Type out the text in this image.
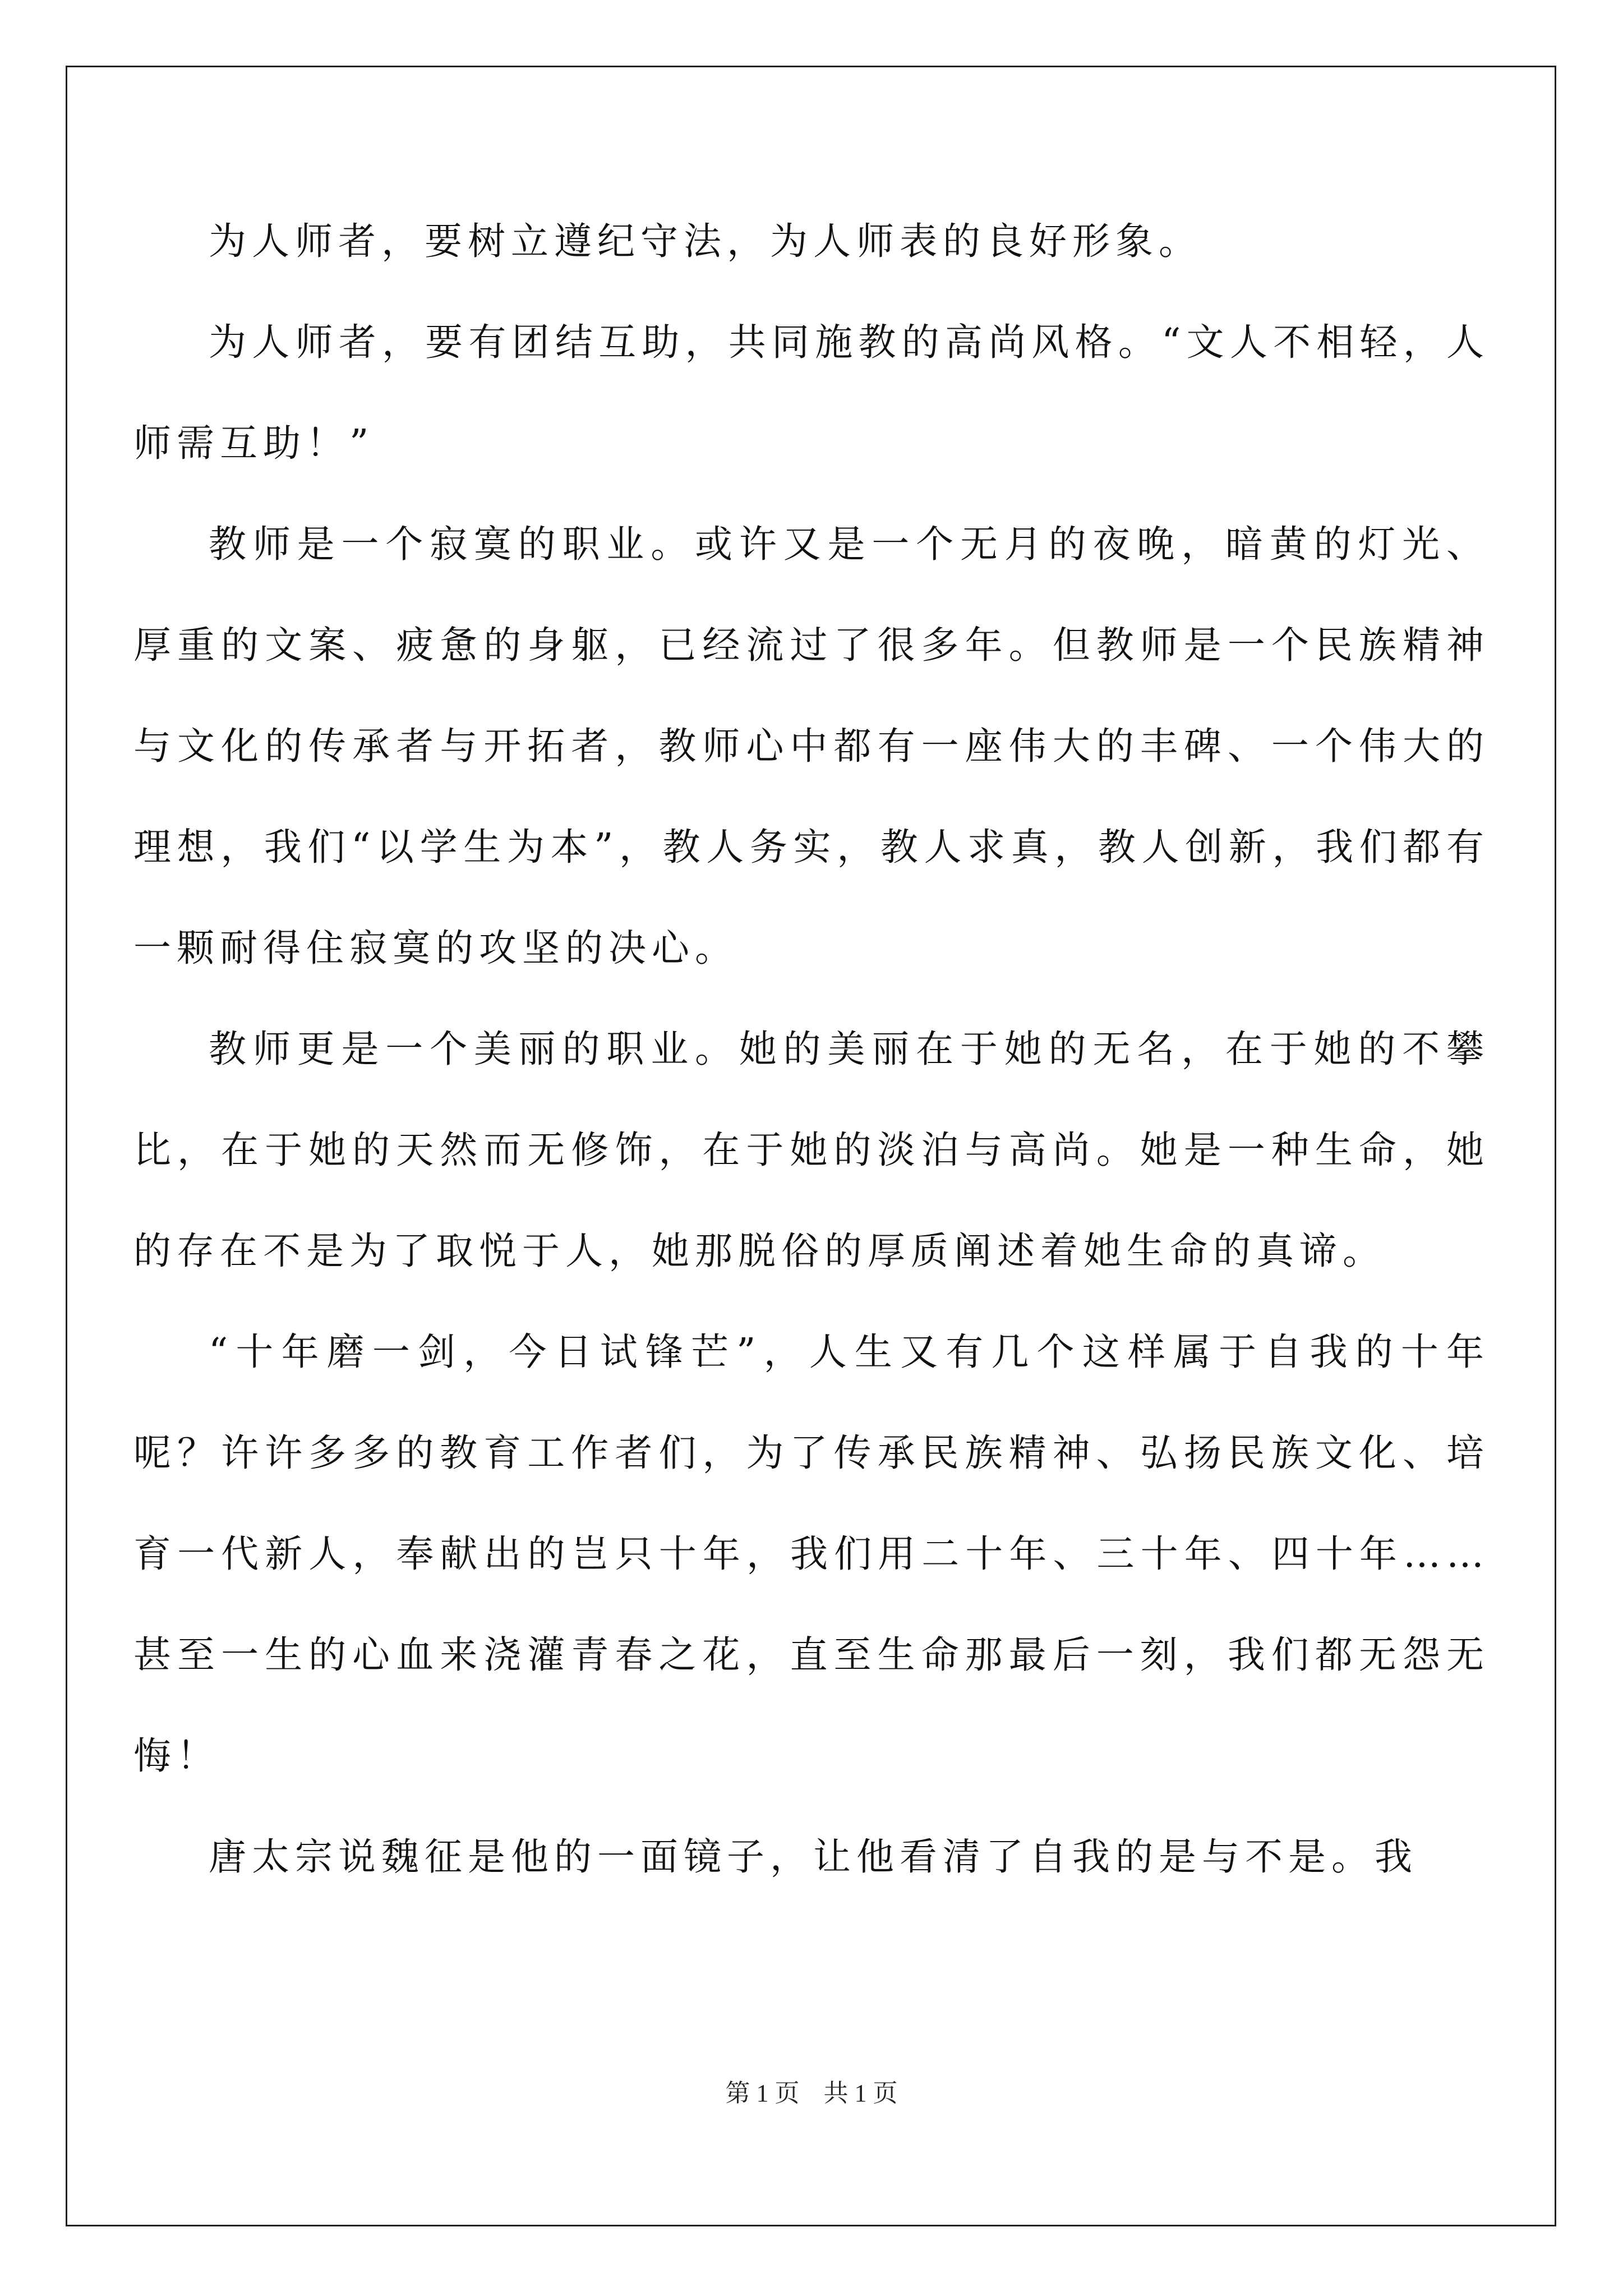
为人师者，要树立遵纪守法，为人师表的良好形象。

为人师者，要有团结互助，共同施教的高尚风格。“文人不相轻，人师需互助！”

教师是一个寂寞的职业。或许又是一个无月的夜晚，暗黄的灯光、厚重的文案、疲惫的身躯，已经流过了很多年。但教师是一个民族精神与文化的传承者与开拓者，教师心中都有一座伟大的丰碑、一个伟大的理想，我们“以学生为本”，教人务实，教人求真，教人创新，我们都有一颗耐得住寂寞的攻坚的决心。

教师更是一个美丽的职业。她的美丽在于她的无名，在于她的不攀比，在于她的天然而无修饰，在于她的淡泊与高尚。她是一种生命，她的存在不是为了取悦于人，她那脱俗的厚质阐述着她生命的真谛。

“十年磨一剑，今日试锋芒”，人生又有几个这样属于自我的十年呢？许许多多的教育工作者们，为了传承民族精神、弘扬民族文化、培育一代新人，奉献出的岂只十年，我们用二十年、三十年、四十年……甚至一生的心血来浇灌青春之花，直至生命那最后一刻，我们都无怨无悔！

唐太宗说魏征是他的一面镜子，让他看清了自我的是与不是。我

第 1 页 共 1 页
